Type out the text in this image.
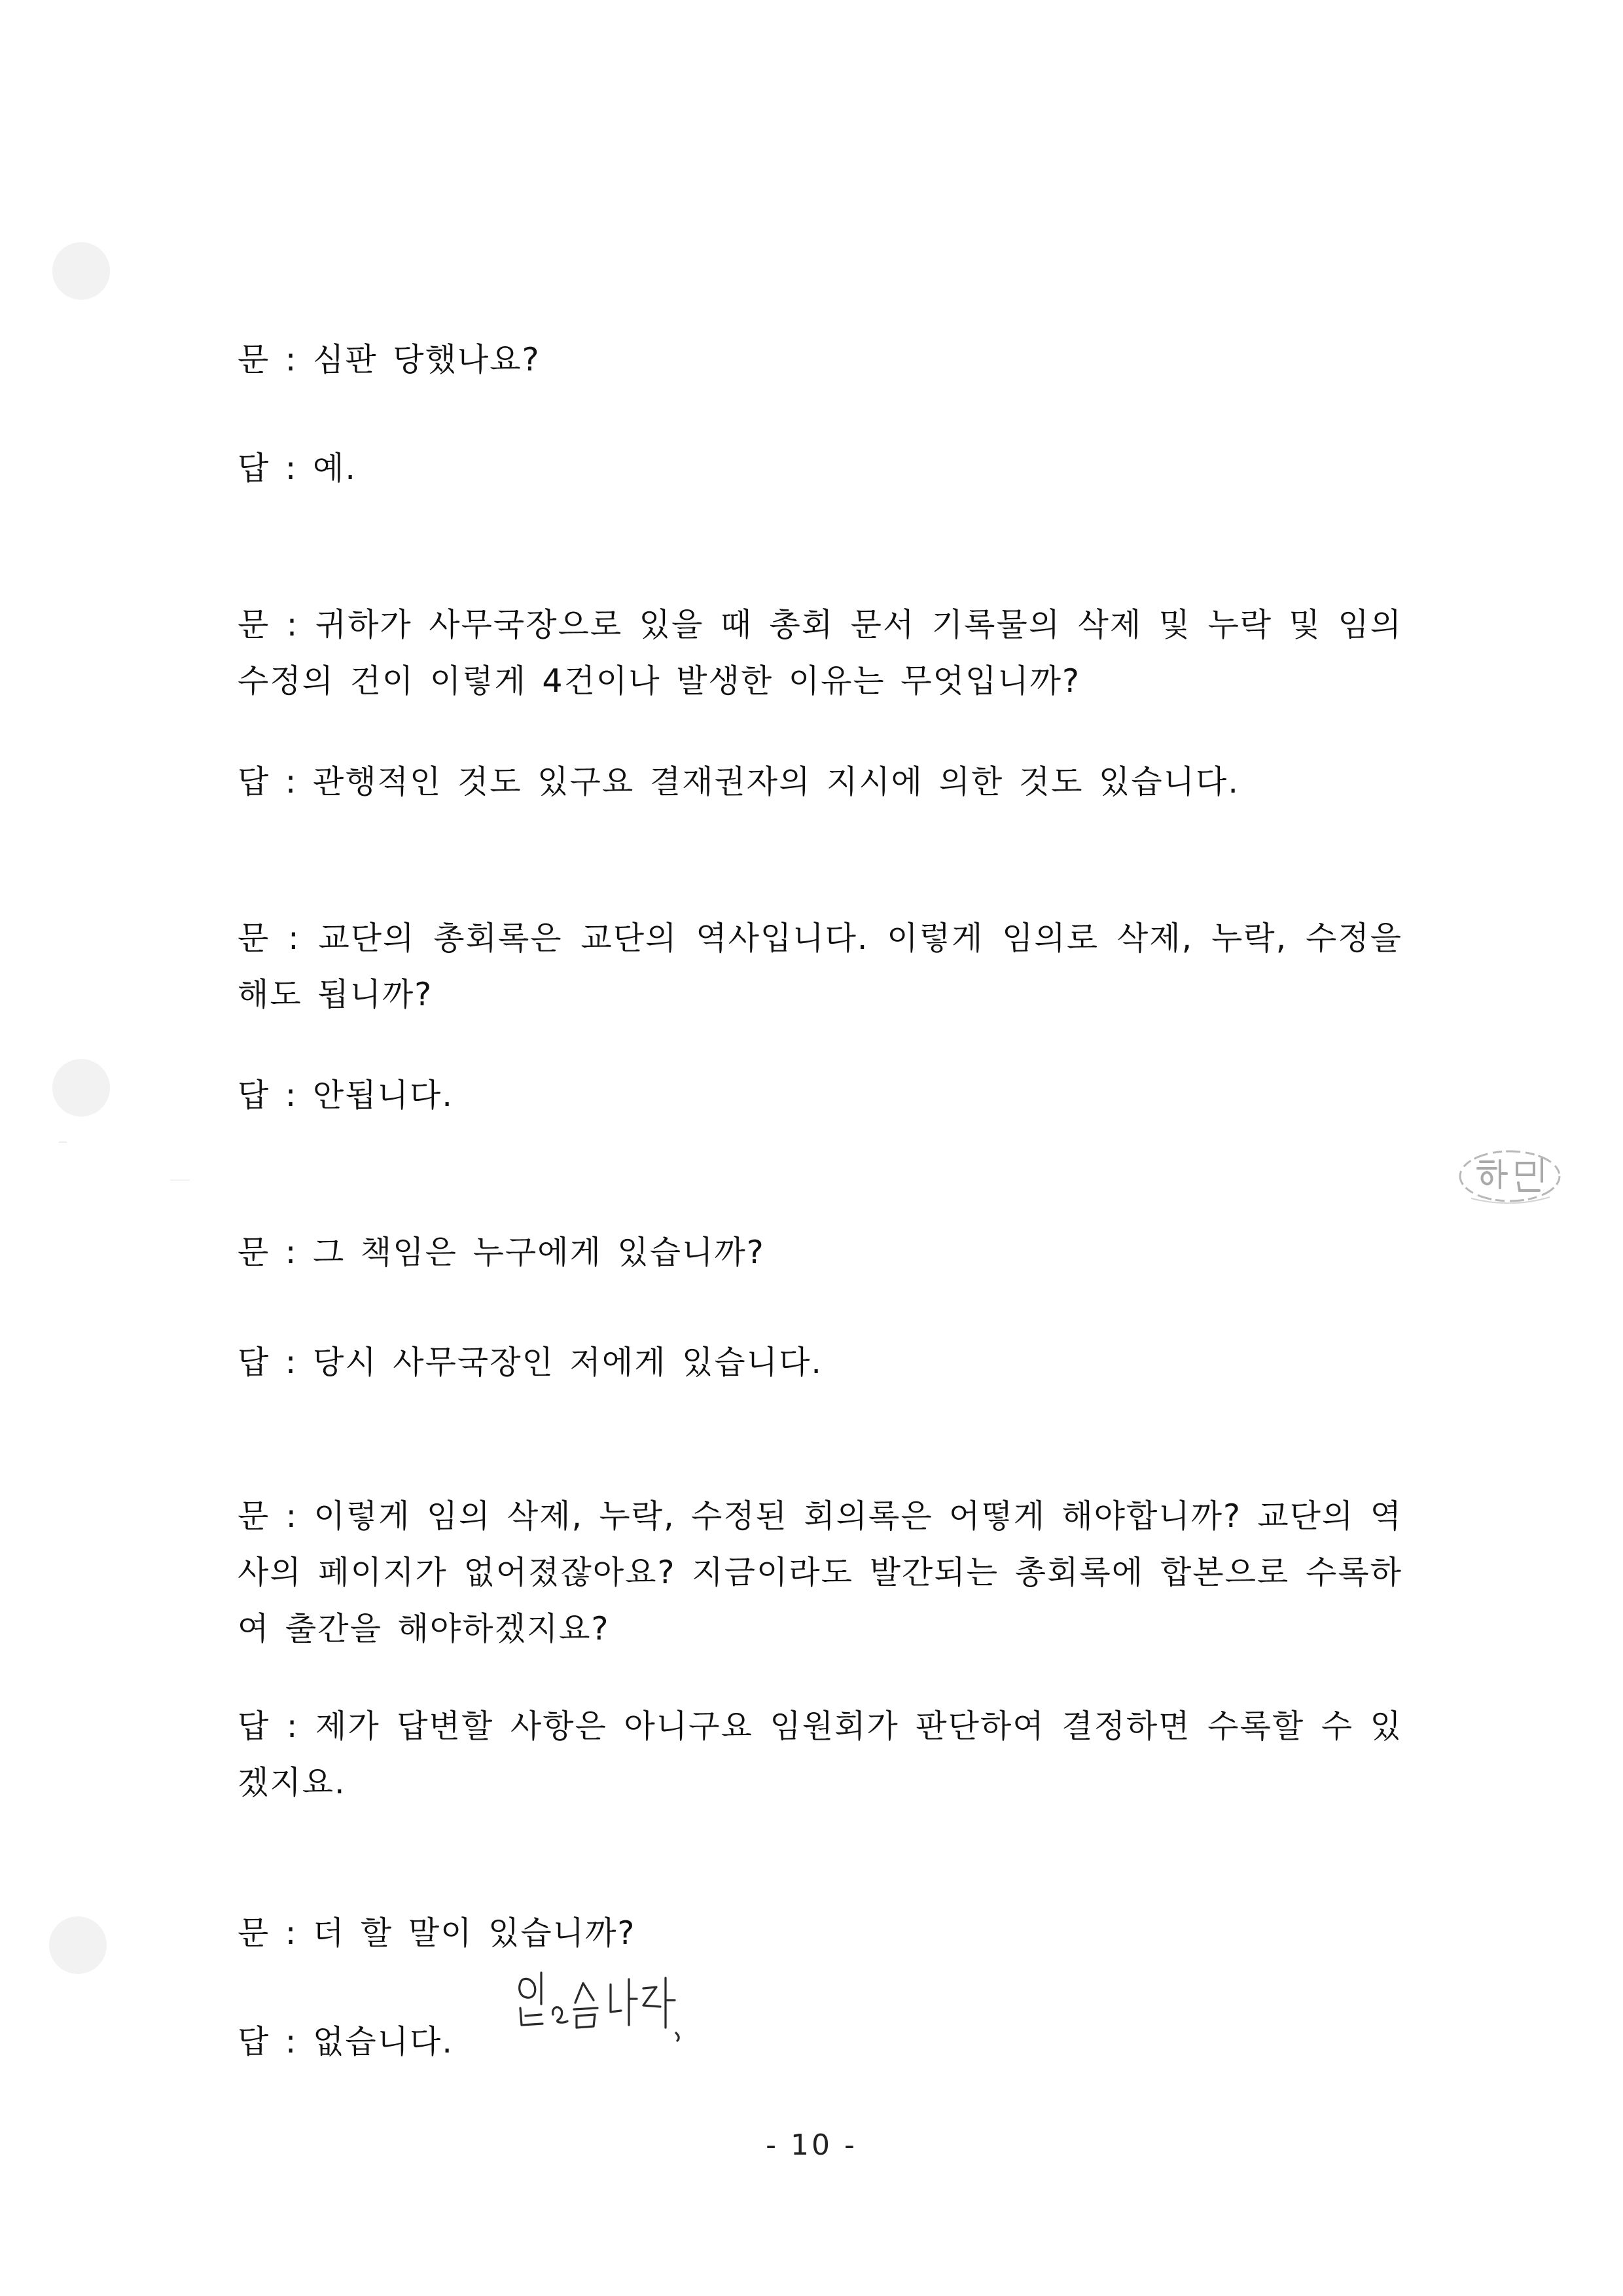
문 : 심판 당했나요?

답 : 예.

문 : 귀하가 사무국장으로 있을 때 총회 문서 기록물의 삭제 및 누락 및 임의 수정의 건이 이렇게 4건이나 발생한 이유는 무엇입니까?

답 : 관행적인 것도 있구요 결재권자의 지시에 의한 것도 있습니다.

문 : 교단의 총회록은 교단의 역사입니다. 이렇게 임의로 삭제, 누락, 수정을 해도 됩니까?

답 : 안됩니다.

문 : 그 책임은 누구에게 있습니까?

답 : 당시 사무국장인 저에게 있습니다.

문 : 이렇게 임의 삭제, 누락, 수정된 회의록은 어떻게 해야합니까? 교단의 역사의 페이지가 없어졌잖아요? 지금이라도 발간되는 총회록에 합본으로 수록하여 출간을 해야하겠지요?

답 : 제가 답변할 사항은 아니구요 임원회가 판단하여 결정하면 수록할 수 있겠지요.

문 : 더 할 말이 있습니까?

답 : 없습니다.

- 10 -
